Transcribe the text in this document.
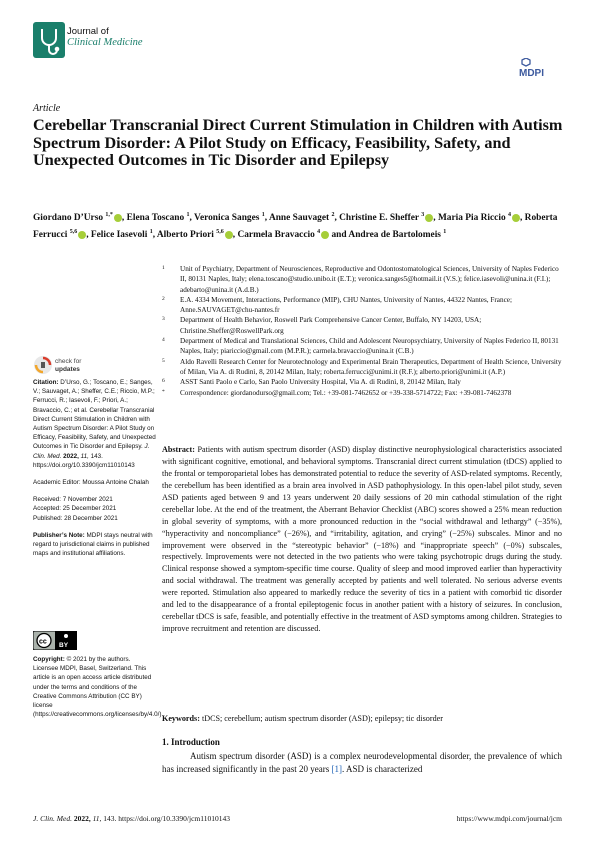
Journal of
Clinical Medicine
MDPI
Article
Cerebellar Transcranial Direct Current Stimulation in Children with Autism Spectrum Disorder: A Pilot Study on Efficacy, Feasibility, Safety, and Unexpected Outcomes in Tic Disorder and Epilepsy
Giordano D’Urso $^{1,*}$ , Elena Toscano $^1$, Veronica Sanges $^1$, Anne Sauvaget $^2$, Christine E. Sheffer $^3$ , Maria Pia Riccio $^4$ , Roberta Ferrucci $^{5,6}$ , Felice Iasevoli $^1$, Alberto Priori $^{5,6}$ , Carmela Bravaccio $^4$ and Andrea de Bartolomeis $^1$
1 Unit of Psychiatry, Department of Neurosciences, Reproductive and Odontostomatological Sciences, University of Naples Federico II, 80131 Naples, Italy; elena.toscano@studio.unibo.it (E.T.); veronica.sanges5@hotmail.it (V.S.); felice.iasevoli@unina.it (F.I.); adebarto@unina.it (A.d.B.)
2 E.A. 4334 Movement, Interactions, Performance (MIP), CHU Nantes, University of Nantes, 44322 Nantes, France; Anne.SAUVAGET@chu-nantes.fr
3 Department of Health Behavior, Roswell Park Comprehensive Cancer Center, Buffalo, NY 14203, USA; Christine.Sheffer@RoswellPark.org
4 Department of Medical and Translational Sciences, Child and Adolescent Neuropsychiatry, University of Naples Federico II, 80131 Naples, Italy; piariccio@gmail.com (M.P.R.); carmela.bravaccio@unina.it (C.B.)
5 Aldo Ravelli Research Center for Neurotechnology and Experimental Brain Therapeutics, Department of Health Science, University of Milan, Via A. di Rudinì, 8, 20142 Milan, Italy; roberta.ferrucci@unimi.it (R.F.); alberto.priori@unimi.it (A.P.)
6 ASST Santi Paolo e Carlo, San Paolo University Hospital, Via A. di Rudinì, 8, 20142 Milan, Italy
* Correspondence: giordanodurso@gmail.com; Tel.: +39-081-7462652 or +39-338-5714722; Fax: +39-081-7462378
check for
updates
Citation: D’Urso, G.; Toscano, E.; Sanges, V.; Sauvaget, A.; Sheffer, C.E.; Riccio, M.P.; Ferrucci, R.; Iasevoli, F.; Priori, A.; Bravaccio, C.; et al. Cerebellar Transcranial Direct Current Stimulation in Children with Autism Spectrum Disorder: A Pilot Study on Efficacy, Feasibility, Safety, and Unexpected Outcomes in Tic Disorder and Epilepsy. J. Clin. Med. 2022, 11, 143. https://doi.org/10.3390/jcm11010143
Academic Editor: Moussa Antoine Chalah
Received: 7 November 2021
Accepted: 25 December 2021
Published: 28 December 2021
Publisher’s Note: MDPI stays neutral with regard to jurisdictional claims in published maps and institutional affiliations.
cc BY
Copyright: © 2021 by the authors. Licensee MDPI, Basel, Switzerland. This article is an open access article distributed under the terms and conditions of the Creative Commons Attribution (CC BY) license (https://creativecommons.org/licenses/by/4.0/).
Abstract: Patients with autism spectrum disorder (ASD) display distinctive neurophysiological characteristics associated with significant cognitive, emotional, and behavioral symptoms. Transcranial direct current stimulation (tDCS) applied to the frontal or temporoparietal lobes has demonstrated potential to reduce the severity of ASD-related symptoms. Recently, the cerebellum has been identified as a brain area involved in ASD pathophysiology. In this open-label pilot study, seven ASD patients aged between 9 and 13 years underwent 20 daily sessions of 20 min cathodal stimulation of the right cerebellar lobe. At the end of the treatment, the Aberrant Behavior Checklist (ABC) scores showed a 25% mean reduction in global severity of symptoms, with a more pronounced reduction in the “social withdrawal and lethargy” (−35%), “hyperactivity and noncompliance” (−26%), and “irritability, agitation, and crying” (−25%) subscales. Minor and no improvement were observed in the “stereotypic behavior” (−18%) and “inappropriate speech” (−0%) subscales, respectively. Improvements were not detected in the two patients who were taking psychotropic drugs during the study. Clinical response showed a symptom-specific time course. Quality of sleep and mood improved earlier than hyperactivity and social withdrawal. The treatment was generally accepted by patients and well tolerated. No serious adverse events were reported. Stimulation also appeared to markedly reduce the severity of tics in a patient with comorbid tic disorder and led to the disappearance of a frontal epileptogenic focus in another patient with a history of seizures. In conclusion, cerebellar tDCS is safe, feasible, and potentially effective in the treatment of ASD symptoms among children. Strategies to improve recruitment and retention are discussed.
Keywords: tDCS; cerebellum; autism spectrum disorder (ASD); epilepsy; tic disorder
1. Introduction
Autism spectrum disorder (ASD) is a complex neurodevelopmental disorder, the prevalence of which has increased significantly in the past 20 years [1]. ASD is characterized
J. Clin. Med. 2022, 11, 143. https://doi.org/10.3390/jcm11010143	https://www.mdpi.com/journal/jcm
